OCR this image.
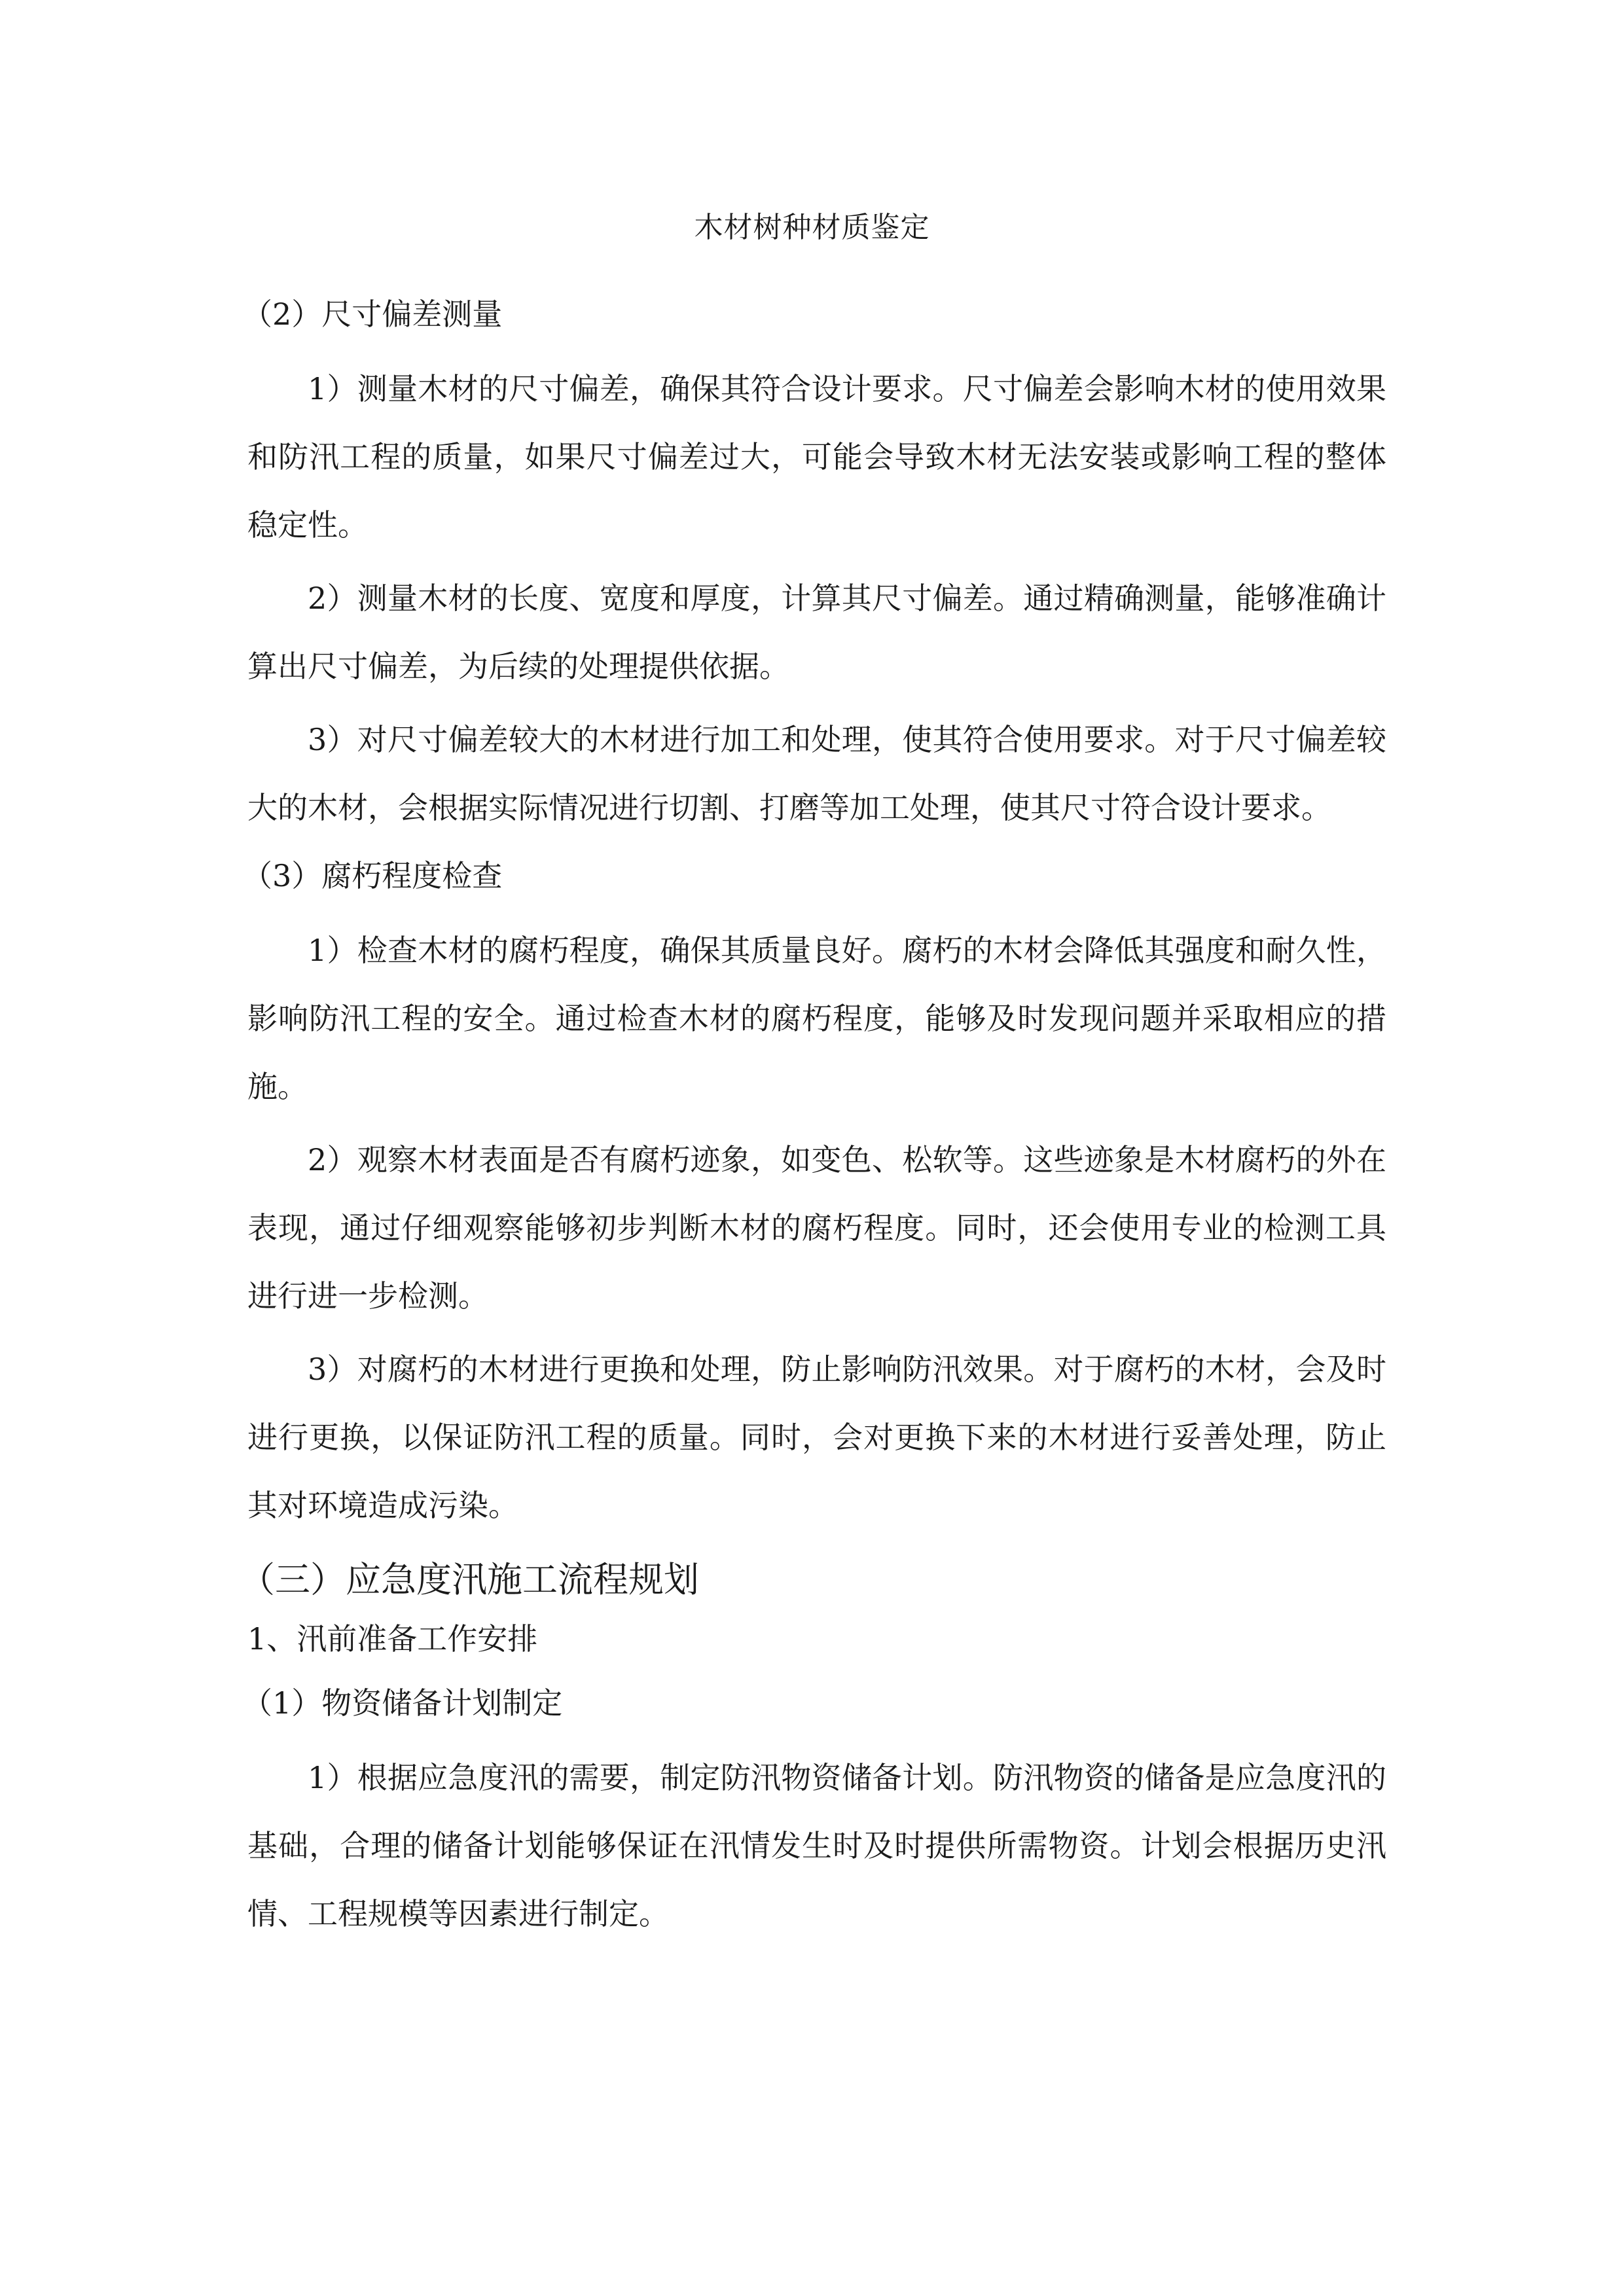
木材树种材质鉴定

（2）尺寸偏差测量

1）测量木材的尺寸偏差，确保其符合设计要求。尺寸偏差会影响木材的使用效果和防汛工程的质量，如果尺寸偏差过大，可能会导致木材无法安装或影响工程的整体稳定性。

2）测量木材的长度、宽度和厚度，计算其尺寸偏差。通过精确测量，能够准确计算出尺寸偏差，为后续的处理提供依据。

3）对尺寸偏差较大的木材进行加工和处理，使其符合使用要求。对于尺寸偏差较大的木材，会根据实际情况进行切割、打磨等加工处理，使其尺寸符合设计要求。

（3）腐朽程度检查

1）检查木材的腐朽程度，确保其质量良好。腐朽的木材会降低其强度和耐久性，影响防汛工程的安全。通过检查木材的腐朽程度，能够及时发现问题并采取相应的措施。

2）观察木材表面是否有腐朽迹象，如变色、松软等。这些迹象是木材腐朽的外在表现，通过仔细观察能够初步判断木材的腐朽程度。同时，还会使用专业的检测工具进行进一步检测。

3）对腐朽的木材进行更换和处理，防止影响防汛效果。对于腐朽的木材，会及时进行更换，以保证防汛工程的质量。同时，会对更换下来的木材进行妥善处理，防止其对环境造成污染。

（三）应急度汛施工流程规划

1、汛前准备工作安排

（1）物资储备计划制定

1）根据应急度汛的需要，制定防汛物资储备计划。防汛物资的储备是应急度汛的基础，合理的储备计划能够保证在汛情发生时及时提供所需物资。计划会根据历史汛情、工程规模等因素进行制定。
